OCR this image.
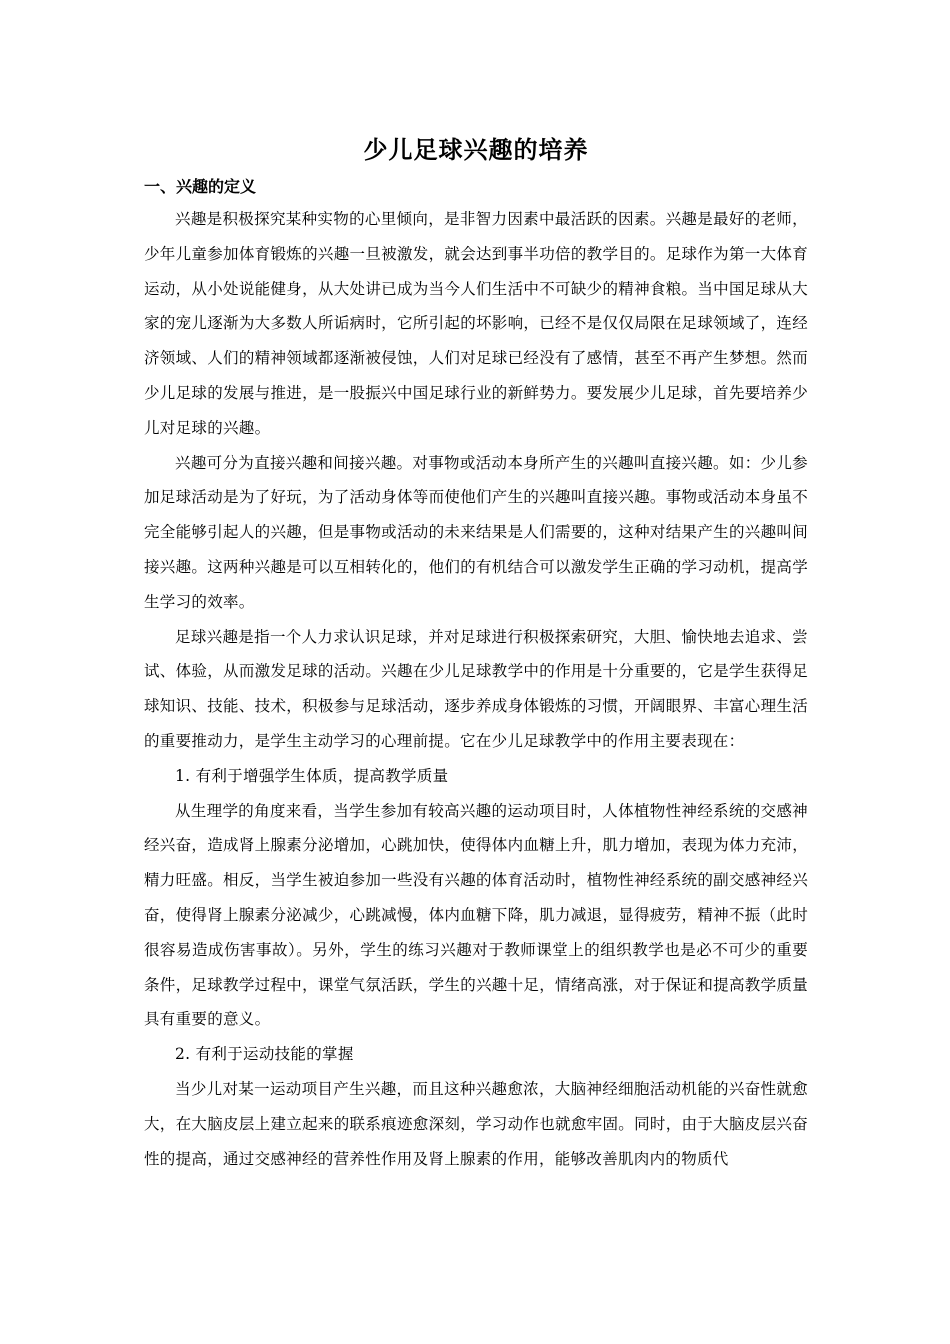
少儿足球兴趣的培养
一、兴趣的定义

兴趣是积极探究某种实物的心里倾向，是非智力因素中最活跃的因素。兴趣是最好的老师，少年儿童参加体育锻炼的兴趣一旦被激发，就会达到事半功倍的教学目的。足球作为第一大体育运动，从小处说能健身，从大处讲已成为当今人们生活中不可缺少的精神食粮。当中国足球从大家的宠儿逐渐为大多数人所诟病时，它所引起的坏影响，已经不是仅仅局限在足球领域了，连经济领域、人们的精神领域都逐渐被侵蚀，人们对足球已经没有了感情，甚至不再产生梦想。然而少儿足球的发展与推进，是一股振兴中国足球行业的新鲜势力。要发展少儿足球，首先要培养少儿对足球的兴趣。

兴趣可分为直接兴趣和间接兴趣。对事物或活动本身所产生的兴趣叫直接兴趣。如：少儿参加足球活动是为了好玩，为了活动身体等而使他们产生的兴趣叫直接兴趣。事物或活动本身虽不完全能够引起人的兴趣，但是事物或活动的未来结果是人们需要的，这种对结果产生的兴趣叫间接兴趣。这两种兴趣是可以互相转化的，他们的有机结合可以激发学生正确的学习动机，提高学生学习的效率。

足球兴趣是指一个人力求认识足球，并对足球进行积极探索研究，大胆、愉快地去追求、尝试、体验，从而激发足球的活动。兴趣在少儿足球教学中的作用是十分重要的，它是学生获得足球知识、技能、技术，积极参与足球活动，逐步养成身体锻炼的习惯，开阔眼界、丰富心理生活的重要推动力，是学生主动学习的心理前提。它在少儿足球教学中的作用主要表现在：

1. 有利于增强学生体质，提高教学质量

从生理学的角度来看，当学生参加有较高兴趣的运动项目时，人体植物性神经系统的交感神经兴奋，造成肾上腺素分泌增加，心跳加快，使得体内血糖上升，肌力增加，表现为体力充沛，精力旺盛。相反，当学生被迫参加一些没有兴趣的体育活动时，植物性神经系统的副交感神经兴奋，使得肾上腺素分泌减少，心跳减慢，体内血糖下降，肌力减退，显得疲劳，精神不振（此时很容易造成伤害事故）。另外，学生的练习兴趣对于教师课堂上的组织教学也是必不可少的重要条件，足球教学过程中，课堂气氛活跃，学生的兴趣十足，情绪高涨，对于保证和提高教学质量具有重要的意义。

2. 有利于运动技能的掌握

当少儿对某一运动项目产生兴趣，而且这种兴趣愈浓，大脑神经细胞活动机能的兴奋性就愈大，在大脑皮层上建立起来的联系痕迹愈深刻，学习动作也就愈牢固。同时，由于大脑皮层兴奋性的提高，通过交感神经的营养性作用及肾上腺素的作用，能够改善肌肉内的物质代
